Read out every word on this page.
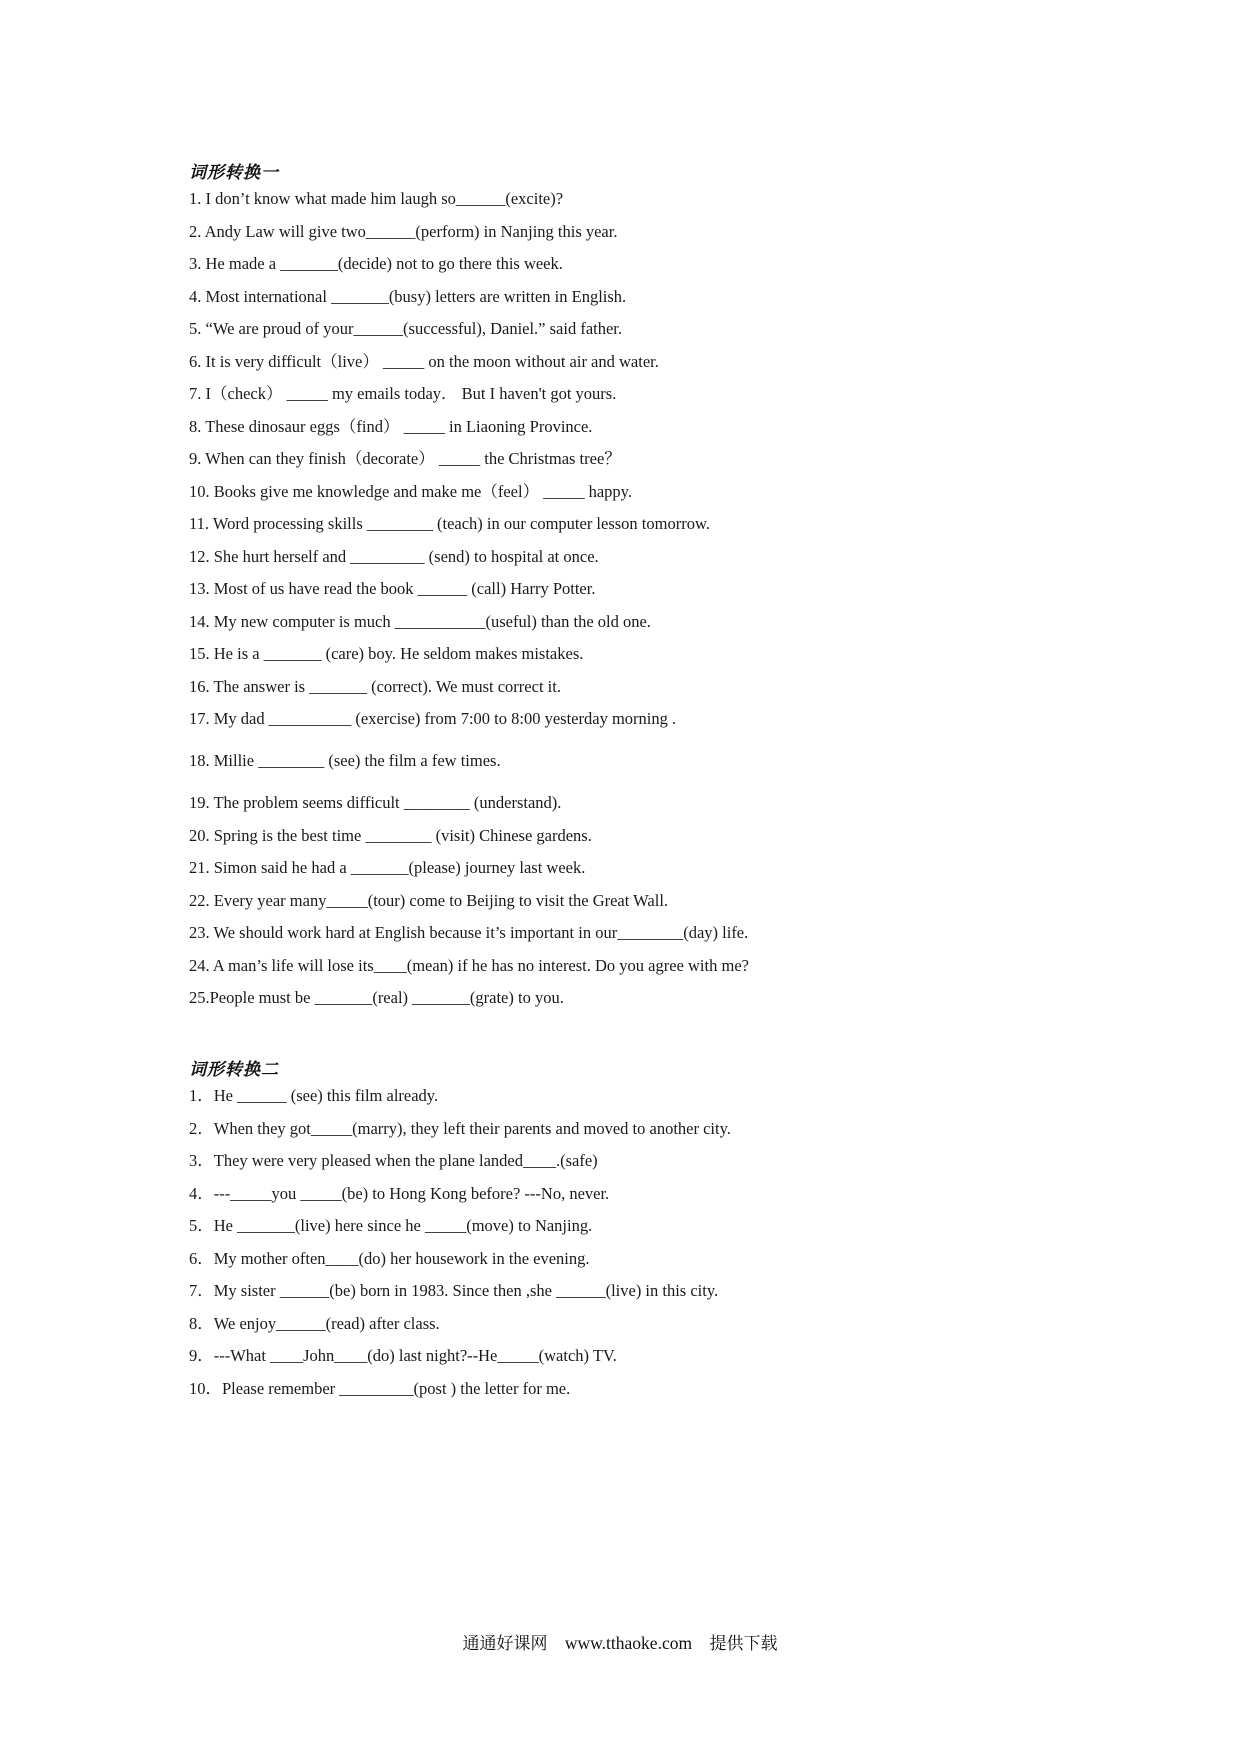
词形转换一
1. I don’t know what made him laugh so______(excite)?
2. Andy Law will give two______(perform) in Nanjing this year.
3. He made a _______(decide) not to go there this week.
4. Most international _______(busy) letters are written in English.
5. “We are proud of your______(successful), Daniel.” said father.
6. It is very difficult（live） _____ on the moon without air and water.
7. I（check） _____ my emails today． But I haven't got yours.
8. These dinosaur eggs（find） _____ in Liaoning Province.
9. When can they finish（decorate） _____ the Christmas tree？
10. Books give me knowledge and make me（feel） _____ happy.
11. Word processing skills ________ (teach) in our computer lesson tomorrow.
12. She hurt herself and _________ (send) to hospital at once.
13. Most of us have read the book ______ (call) Harry Potter.
14. My new computer is much ___________(useful) than the old one.
15. He is a _______ (care) boy. He seldom makes mistakes.
16. The answer is _______ (correct). We must correct it.
17. My dad __________ (exercise) from 7:00 to 8:00 yesterday morning .
18. Millie ________ (see) the film a few times.
19. The problem seems difficult ________ (understand).
20. Spring is the best time ________ (visit) Chinese gardens.
21. Simon said he had a _______(please) journey last week.
22. Every year many_____(tour) come to Beijing to visit the Great Wall.
23. We should work hard at English because it’s important in our________(day) life.
24. A man’s life will lose its____(mean) if he has no interest. Do you agree with me?
25.People must be _______(real) _______(grate) to you.
词形转换二
1．He ______ (see) this film already.
2．When they got_____(marry), they left their parents and moved to another city.
3．They were very pleased when the plane landed____.(safe)
4．---_____you _____(be) to Hong Kong before? ---No, never.
5．He _______(live) here since he _____(move) to Nanjing.
6．My mother often____(do) her housework in the evening.
7．My sister ______(be) born in 1983. Since then ,she ______(live) in this city.
8．We enjoy______(read) after class.
9．---What ____John____(do) last night?--He_____(watch) TV.
10．Please remember _________(post ) the letter for me.
通通好课网 www.tthaoke.com 提供下载
